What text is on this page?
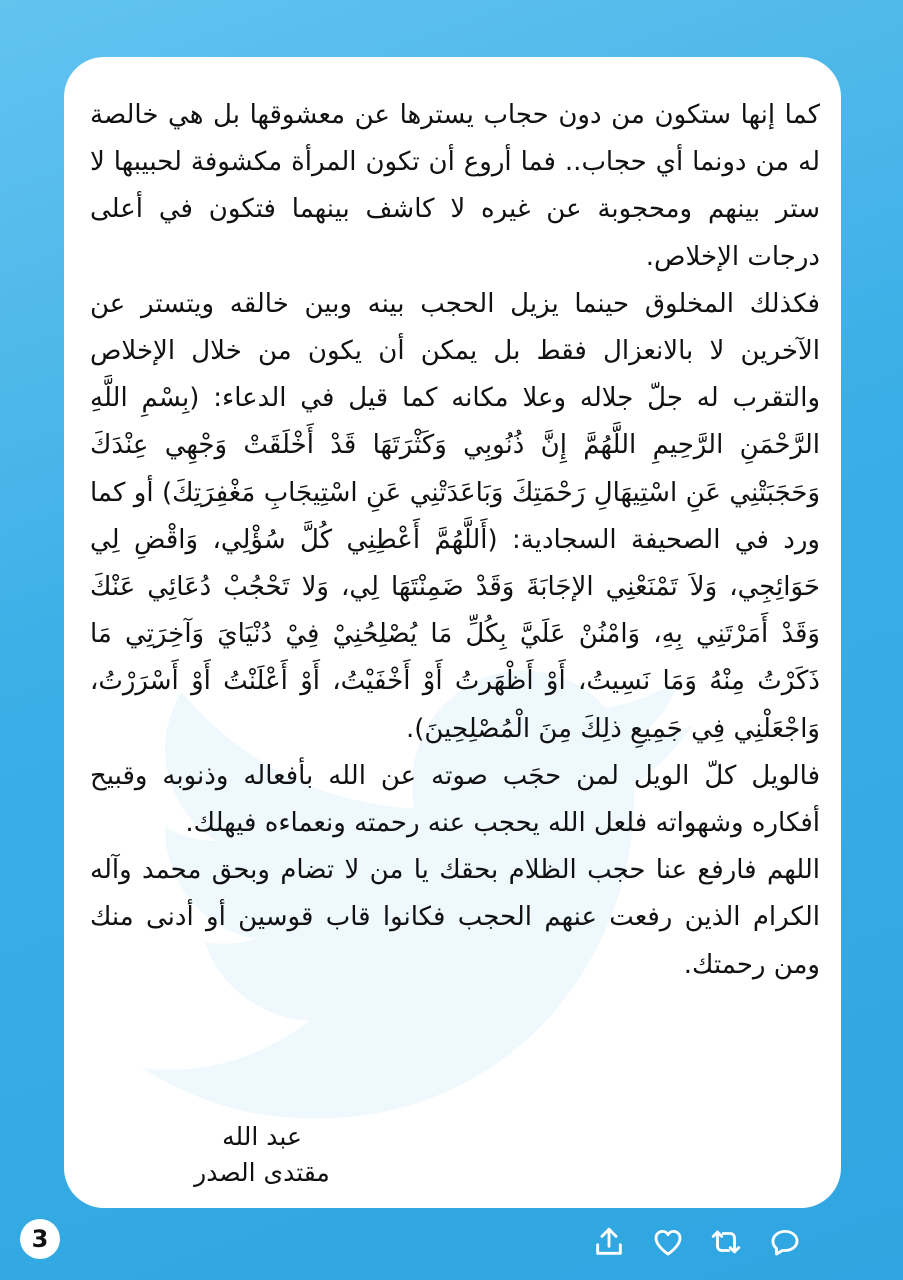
كما إنها ستكون من دون حجاب يسترها عن معشوقها بل هي خالصة له من دونما أي حجاب.. فما أروع أن تكون المرأة مكشوفة لحبيبها لا ستر بينهم ومحجوبة عن غيره لا كاشف بينهما فتكون في أعلى درجات الإخلاص.

فكذلك المخلوق حينما يزيل الحجب بينه وبين خالقه ويتستر عن الآخرين لا بالانعزال فقط بل يمكن أن يكون من خلال الإخلاص والتقرب له جلّ جلاله وعلا مكانه كما قيل في الدعاء: (بِسْمِ اللَّهِ الرَّحْمَنِ الرَّحِيمِ اللَّهُمَّ إِنَّ ذُنُوبِي وَكَثْرَتَهَا قَدْ أَخْلَقَتْ وَجْهِي عِنْدَكَ وَحَجَبَتْنِي عَنِ اسْتِيهَالِ رَحْمَتِكَ وَبَاعَدَتْنِي عَنِ اسْتِيجَابِ مَغْفِرَتِكَ) أو كما ورد في الصحيفة السجادية: (أَللَّهُمَّ أَعْطِنِي كُلَّ سُؤْلِي، وَاقْضِ لِي حَوَائِجِي، وَلاَ تَمْنَعْنِي الإجَابَةَ وَقَدْ ضَمِنْتَهَا لِي، وَلا تَحْجُبْ دُعَائِي عَنْكَ وَقَدْ أَمَرْتَنِي بِهِ، وَامْنُنْ عَلَيَّ بِكُلِّ مَا يُصْلِحُنِيْ فِيْ دُنْيَايَ وَآخِرَتِي مَا ذَكَرْتُ مِنْهُ وَمَا نَسِيتُ، أَوْ أَظْهَرتُ أَوْ أَخْفَيْتُ، أَوْ أَعْلَنْتُ أَوْ أَسْرَرْتُ، وَاجْعَلْنِي فِي جَمِيعِ ذلِكَ مِنَ الْمُصْلِحِينَ).

فالويل كلّ الويل لمن حجَب صوته عن الله بأفعاله وذنوبه وقبيح أفكاره وشهواته فلعل الله يحجب عنه رحمته ونعماءه فيهلك.

اللهم فارفع عنا حجب الظلام بحقك يا من لا تضام وبحق محمد وآله الكرام الذين رفعت عنهم الحجب فكانوا قاب قوسين أو أدنى منك ومن رحمتك.

عبد الله
مقتدى الصدر
3
